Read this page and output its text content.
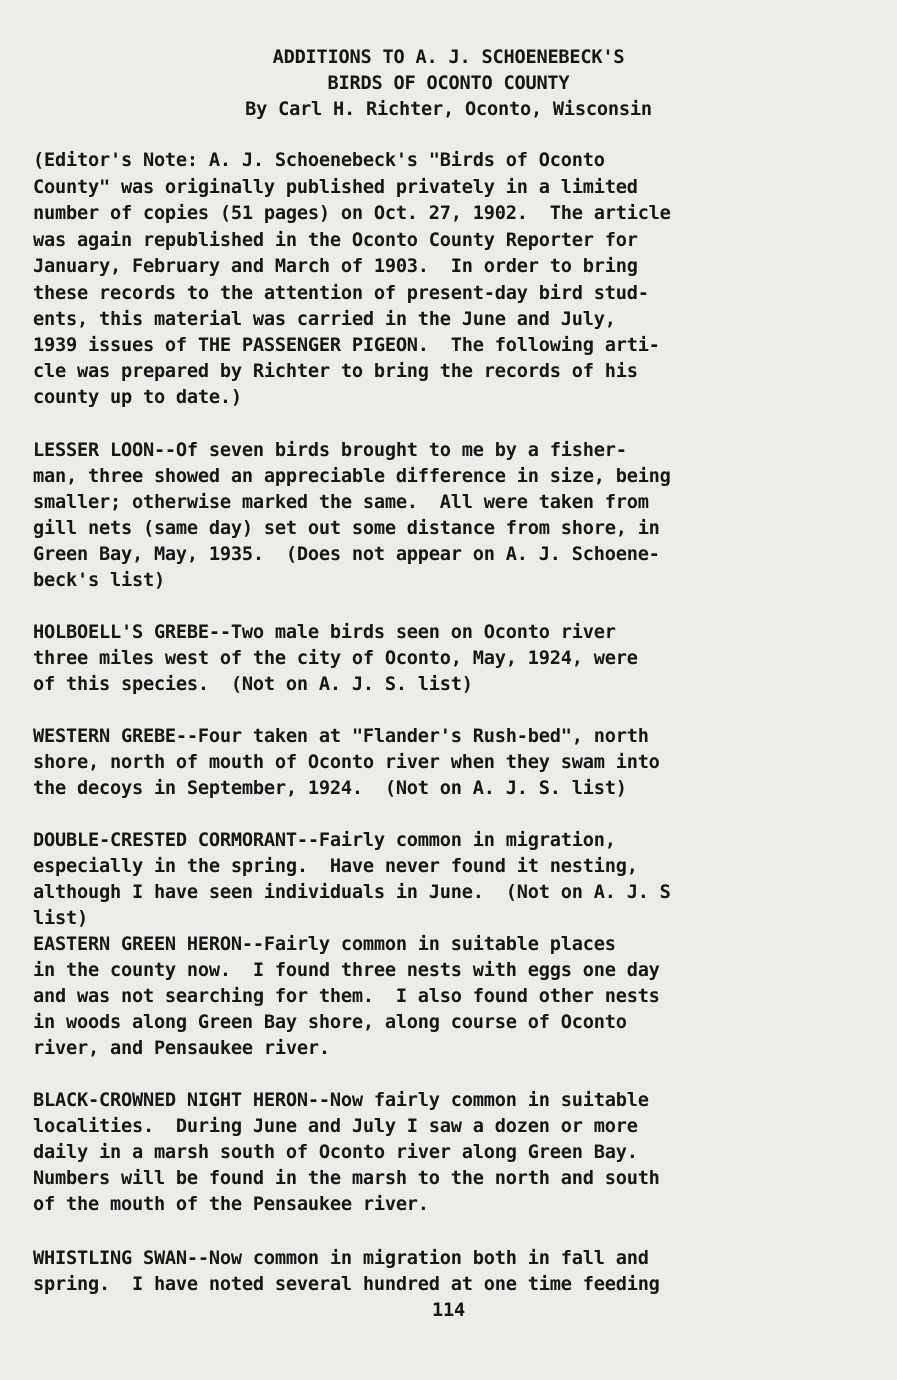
ADDITIONS TO A. J. SCHOENEBECK'S
BIRDS OF OCONTO COUNTY
By Carl H. Richter, Oconto, Wisconsin
(Editor's Note: A. J. Schoenebeck's "Birds of Oconto
County" was originally published privately in a limited
number of copies (51 pages) on Oct. 27, 1902.  The article
was again republished in the Oconto County Reporter for
January, February and March of 1903.  In order to bring
these records to the attention of present-day bird stud-
ents, this material was carried in the June and July,
1939 issues of THE PASSENGER PIGEON.  The following arti-
cle was prepared by Richter to bring the records of his
county up to date.)
LESSER LOON--Of seven birds brought to me by a fisher-
man, three showed an appreciable difference in size, being
smaller; otherwise marked the same.  All were taken from
gill nets (same day) set out some distance from shore, in
Green Bay, May, 1935.  (Does not appear on A. J. Schoene-
beck's list)
HOLBOELL'S GREBE--Two male birds seen on Oconto river
three miles west of the city of Oconto, May, 1924, were
of this species.  (Not on A. J. S. list)
WESTERN GREBE--Four taken at "Flander's Rush-bed", north
shore, north of mouth of Oconto river when they swam into
the decoys in September, 1924.  (Not on A. J. S. list)
DOUBLE-CRESTED CORMORANT--Fairly common in migration,
especially in the spring.  Have never found it nesting,
although I have seen individuals in June.  (Not on A. J. S
list)
EASTERN GREEN HERON--Fairly common in suitable places
in the county now.  I found three nests with eggs one day
and was not searching for them.  I also found other nests
in woods along Green Bay shore, along course of Oconto
river, and Pensaukee river.
BLACK-CROWNED NIGHT HERON--Now fairly common in suitable
localities.  During June and July I saw a dozen or more
daily in a marsh south of Oconto river along Green Bay.
Numbers will be found in the marsh to the north and south
of the mouth of the Pensaukee river.
WHISTLING SWAN--Now common in migration both in fall and
spring.  I have noted several hundred at one time feeding
114
